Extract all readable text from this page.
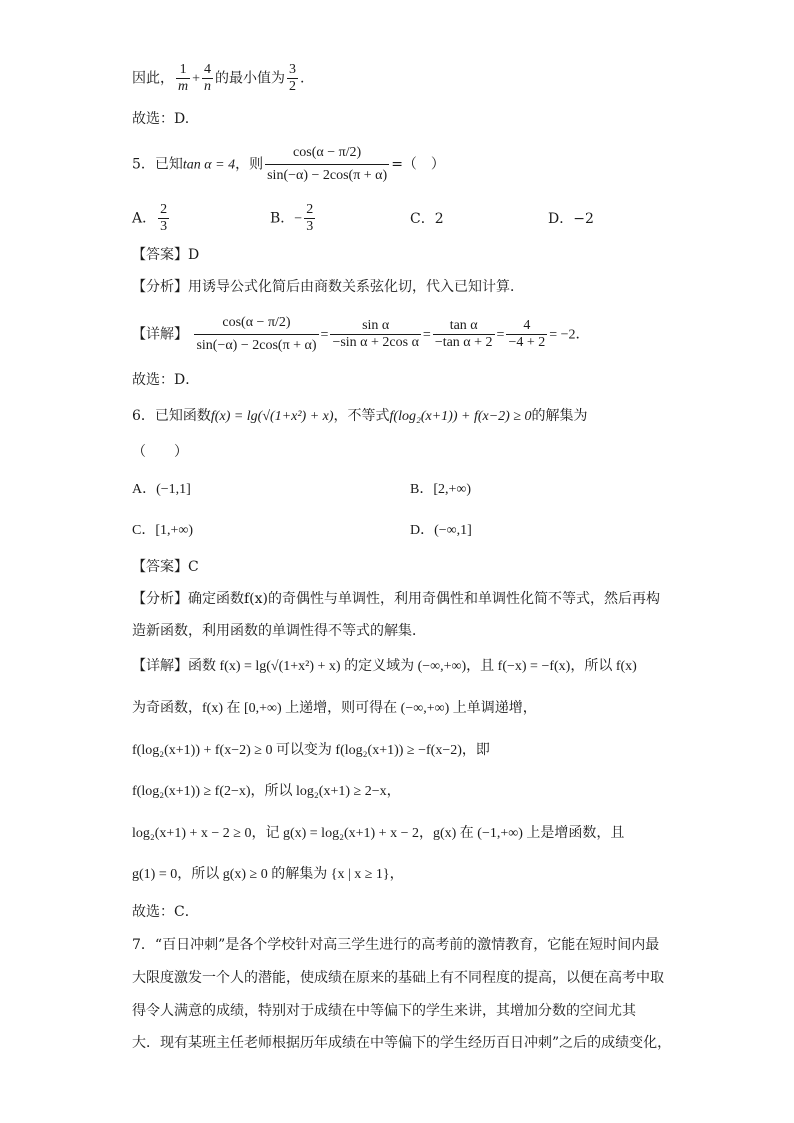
因此， $\frac{1}{m} + \frac{4}{n}$ 的最小值为 $\frac{3}{2}$ .
故选：D.
5．已知tan α = 4，则 $\frac{\cos(\alpha - \pi/2)}{\sin(-\alpha) - 2\cos(\pi + \alpha)}$ =（　）
A． $\frac{2}{3}$	B．− $\frac{2}{3}$	C．2	D．−2
【答案】D
【分析】用诱导公式化简后由商数关系弦化切，代入已知计算．
【详解】 $\frac{\cos(\alpha - \pi/2)}{\sin(-\alpha) - 2\cos(\pi + \alpha)} = \frac{\text{sin α}}{\text{−sin α + 2cos α}} = \frac{\text{tan α}}{\text{−tan α + 2}} = \frac{4}{-4 + 2} = -2$．
故选：D．
6．已知函数f(x) = lg(√(1+x²) + x)，不等式f(log₂(x+1)) + f(x−2) ≥ 0的解集为
（　　）
A．(−1,1]	B．[2,+∞)
C．[1,+∞)	D．(−∞,1]
【答案】C
【分析】确定函数f(x)的奇偶性与单调性，利用奇偶性和单调性化简不等式，然后再构
造新函数，利用函数的单调性得不等式的解集．
【详解】函数 f(x) = lg(√(1+x²) + x) 的定义域为 (−∞,+∞)，且 f(−x) = −f(x)，所以 f(x)
为奇函数，f(x) 在 [0,+∞) 上递增，则可得在 (−∞,+∞) 上单调递增，
f(log₂(x+1)) + f(x−2) ≥ 0 可以变为 f(log₂(x+1)) ≥ −f(x−2)，即
f(log₂(x+1)) ≥ f(2−x)，所以 log₂(x+1) ≥ 2−x，
log₂(x+1) + x − 2 ≥ 0，记 g(x) = log₂(x+1) + x − 2，g(x) 在 (−1,+∞) 上是增函数，且
g(1) = 0，所以 g(x) ≥ 0 的解集为 {x | x ≥ 1}，
故选：C．
7．“百日冲刺”是各个学校针对高三学生进行的高考前的激情教育，它能在短时间内最
大限度激发一个人的潜能，使成绩在原来的基础上有不同程度的提高，以便在高考中取
得令人满意的成绩，特别对于成绩在中等偏下的学生来讲，其增加分数的空间尤其
大．现有某班主任老师根据历年成绩在中等偏下的学生经历百日冲刺”之后的成绩变化，
